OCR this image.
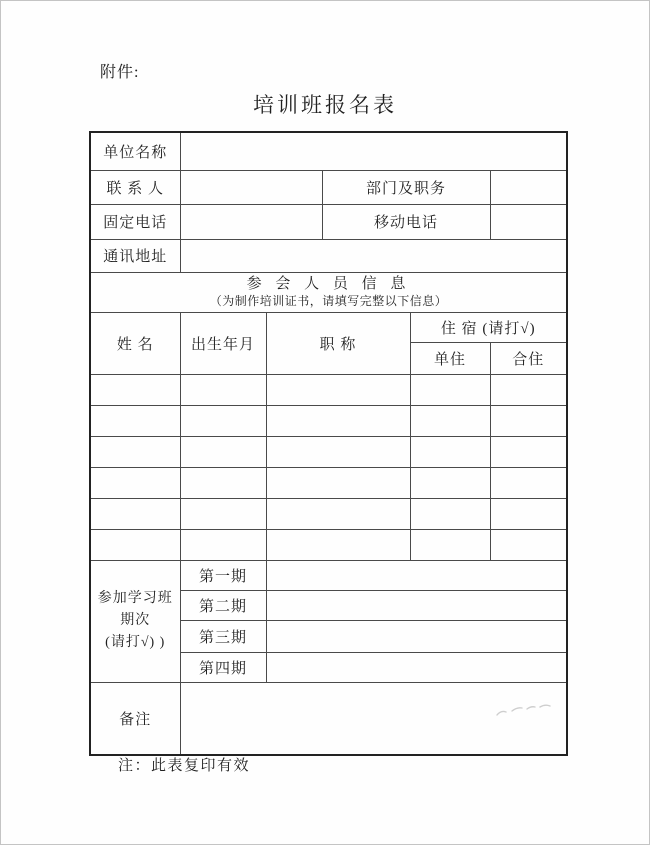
附件:
培训班报名表
单位名称					
联 系 人			部门及职务		
固定电话			移动电话		
通讯地址					

参 会 人 员 信 息
（为制作培训证书，请填写完整以下信息）					

姓 名	出生年月	职 称		住 宿 (请打√)	
				单住	合住

参加学习班
期次
(请打√) )	第一期				
	第二期				
	第三期				
	第四期				
备注	
注：此表复印有效
